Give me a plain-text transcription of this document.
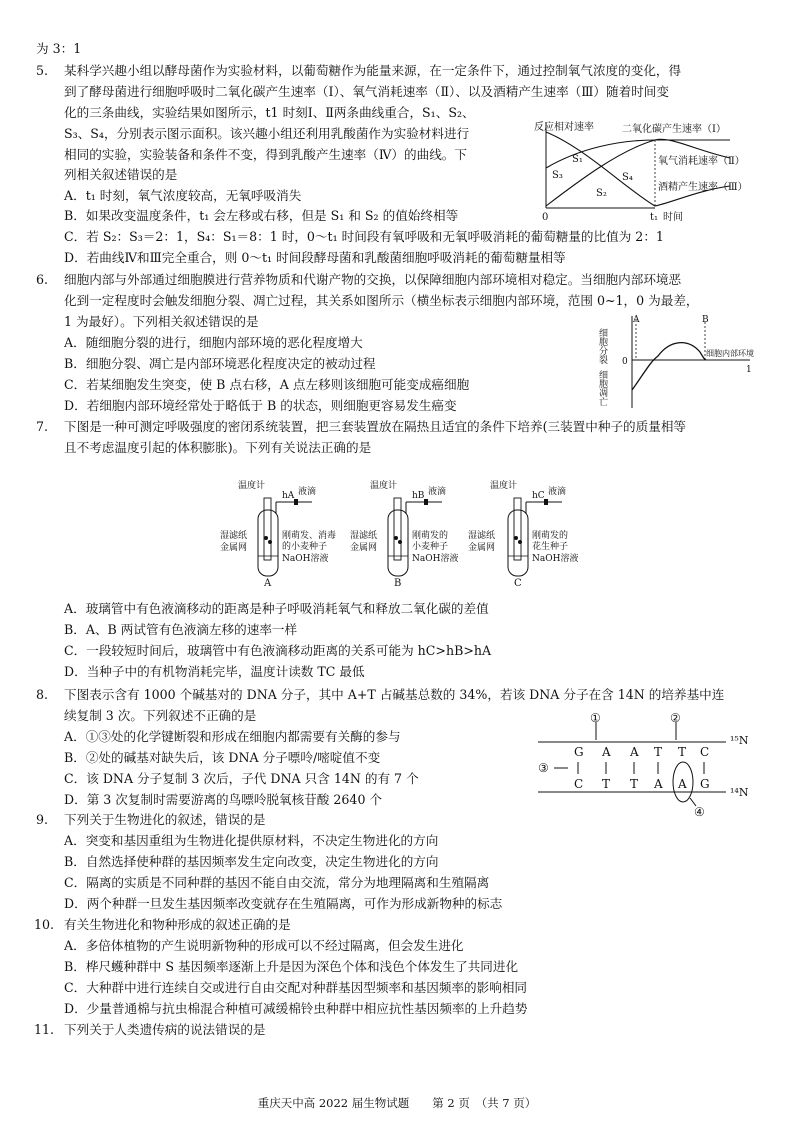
为 3：1
5. 某科学兴趣小组以酵母菌作为实验材料，以葡萄糖作为能量来源，在一定条件下，通过控制氧气浓度的变化，得
到了酵母菌进行细胞呼吸时二氧化碳产生速率（Ⅰ）、氧气消耗速率（Ⅱ）、以及酒精产生速率（Ⅲ）随着时间变
化的三条曲线，实验结果如图所示，t1 时刻Ⅰ、Ⅱ两条曲线重合，S₁、S₂、
S₃、S₄，分别表示图示面积。该兴趣小组还利用乳酸菌作为实验材料进行
相同的实验，实验装备和条件不变，得到乳酸产生速率（Ⅳ）的曲线。下
列相关叙述错误的是
A．t₁ 时刻，氧气浓度较高，无氧呼吸消失
B．如果改变温度条件，t₁ 会左移或右移，但是 S₁ 和 S₂ 的值始终相等
C．若 S₂：S₃＝2：1，S₄：S₁＝8：1 时，0～t₁ 时间段有氧呼吸和无氧呼吸消耗的葡萄糖量的比值为 2：1
D．若曲线Ⅳ和Ⅲ完全重合，则 0～t₁ 时间段酵母菌和乳酸菌细胞呼吸消耗的葡萄糖量相等
反应相对速率	二氧化碳产生速率（Ⅰ）
氧气消耗速率（Ⅱ）
酒精产生速率（Ⅲ）
S₁
S₂
S₃	S₄
0	t₁ 时间
6. 细胞内部与外部通过细胞膜进行营养物质和代谢产物的交换，以保障细胞内部环境相对稳定。当细胞内部环境恶
化到一定程度时会触发细胞分裂、凋亡过程，其关系如图所示（横坐标表示细胞内部环境，范围 0~1，0 为最差，
1 为最好）。下列相关叙述错误的是
A．随细胞分裂的进行，细胞内部环境的恶化程度增大
B．细胞分裂、凋亡是内部环境恶化程度决定的被动过程
C．若某细胞发生突变，使 B 点右移，A 点左移则该细胞可能变成癌细胞
D．若细胞内部环境经常处于略低于 B 的状态，则细胞更容易发生癌变
细胞分裂
细胞凋亡
A	B
0
1
细胞内部环境
7. 下图是一种可测定呼吸强度的密闭系统装置，把三套装置放在隔热且适宜的条件下培养(三装置中种子的质量相等
且不考虑温度引起的体积膨胀)。下列有关说法正确的是
温度计
hA 液滴
湿滤纸
金属网
刚萌发、消毒
的小麦种子
NaOH溶液
A
温度计
hB 液滴
湿滤纸
金属网
刚萌发的
小麦种子
NaOH溶液
B
温度计
hC 液滴
湿滤纸
金属网
刚萌发的
花生种子
NaOH溶液
C
A．玻璃管中有色液滴移动的距离是种子呼吸消耗氧气和释放二氧化碳的差值
B．A、B 两试管有色液滴左移的速率一样
C．一段较短时间后，玻璃管中有色液滴移动距离的关系可能为 hC>hB>hA
D．当种子中的有机物消耗完毕，温度计读数 TC 最低
8. 下图表示含有 1000 个碱基对的 DNA 分子，其中 A+T 占碱基总数的 34%，若该 DNA 分子在含 14N 的培养基中连
续复制 3 次。下列叙述不正确的是
A．①③处的化学键断裂和形成在细胞内都需要有关酶的参与
B．②处的碱基对缺失后，该 DNA 分子嘌呤/嘧啶值不变
C．该 DNA 分子复制 3 次后，子代 DNA 只含 14N 的有 7 个
D．第 3 次复制时需要游离的鸟嘌呤脱氧核苷酸 2640 个
G A A T T C
C T T A A G
①	②
③
④
¹⁵N
¹⁴N
9. 下列关于生物进化的叙述，错误的是
A．突变和基因重组为生物进化提供原材料，不决定生物进化的方向
B．自然选择使种群的基因频率发生定向改变，决定生物进化的方向
C．隔离的实质是不同种群的基因不能自由交流，常分为地理隔离和生殖隔离
D．两个种群一旦发生基因频率改变就存在生殖隔离，可作为形成新物种的标志
10. 有关生物进化和物种形成的叙述正确的是
A．多倍体植物的产生说明新物种的形成可以不经过隔离，但会发生进化
B．桦尺蠖种群中 S 基因频率逐渐上升是因为深色个体和浅色个体发生了共同进化
C．大种群中进行连续自交或进行自由交配对种群基因型频率和基因频率的影响相同
D．少量普通棉与抗虫棉混合种植可减缓棉铃虫种群中相应抗性基因频率的上升趋势
11. 下列关于人类遗传病的说法错误的是
重庆天中高 2022 届生物试题　　第 2 页　（共 7 页）
